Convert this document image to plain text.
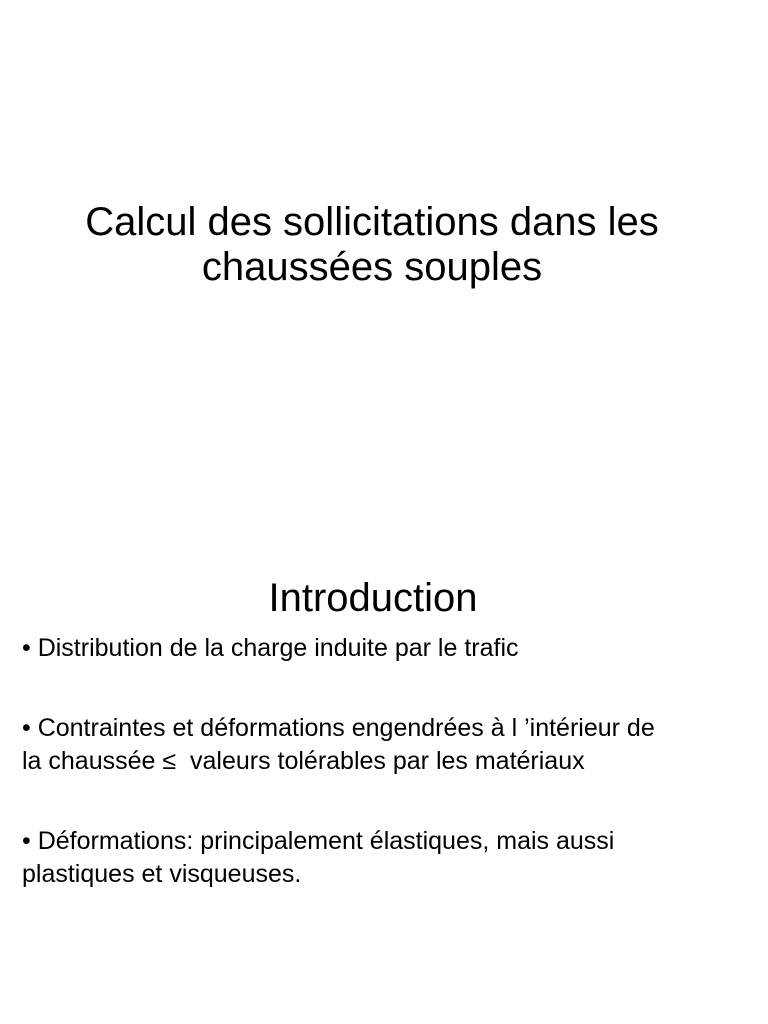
Calcul des sollicitations dans les
chaussées souples
Introduction

• Distribution de la charge induite par le trafic

• Contraintes et déformations engendrées à l ’intérieur de
la chaussée ≤  valeurs tolérables par les matériaux

• Déformations: principalement élastiques, mais aussi
plastiques et visqueuses.
